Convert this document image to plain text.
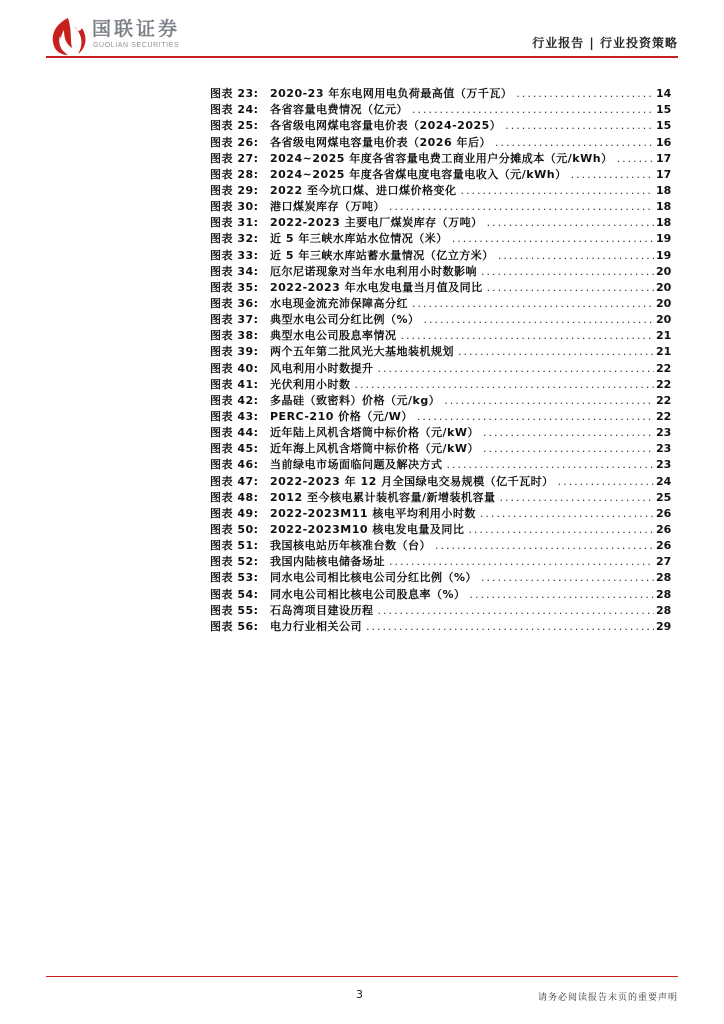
国联证券
GUOLIAN SECURITIES	行业报告 | 行业投资策略
图表 23:	2020-23 年东电网用电负荷最高值（万千瓦） .....	14
图表 24:	各省容量电费情况（亿元） .....	15
图表 25:	各省级电网煤电容量电价表（2024-2025） .....	15
图表 26:	各省级电网煤电容量电价表（2026 年后） .....	16
图表 27:	2024~2025 年度各省容量电费工商业用户分摊成本（元/kWh） .....	17
图表 28:	2024~2025 年度各省煤电度电容量电收入（元/kWh） .....	17
图表 29:	2022 至今坑口煤、进口煤价格变化 .....	18
图表 30:	港口煤炭库存（万吨） .....	18
图表 31:	2022-2023 主要电厂煤炭库存（万吨） .....	18
图表 32:	近 5 年三峡水库站水位情况（米） .....	19
图表 33:	近 5 年三峡水库站蓄水量情况（亿立方米） .....	19
图表 34:	厄尔尼诺现象对当年水电利用小时数影响 .....	20
图表 35:	2022-2023 年水电发电量当月值及同比 .....	20
图表 36:	水电现金流充沛保障高分红 .....	20
图表 37:	典型水电公司分红比例（%） .....	20
图表 38:	典型水电公司股息率情况 .....	21
图表 39:	两个五年第二批风光大基地装机规划 .....	21
图表 40:	风电利用小时数提升 .....	22
图表 41:	光伏利用小时数 .....	22
图表 42:	多晶硅（致密料）价格（元/kg） .....	22
图表 43:	PERC-210 价格（元/W） .....	22
图表 44:	近年陆上风机含塔筒中标价格（元/kW） .....	23
图表 45:	近年海上风机含塔筒中标价格（元/kW） .....	23
图表 46:	当前绿电市场面临问题及解决方式 .....	23
图表 47:	2022-2023 年 12 月全国绿电交易规模（亿千瓦时） .....	24
图表 48:	2012 至今核电累计装机容量/新增装机容量 .....	25
图表 49:	2022-2023M11 核电平均利用小时数 .....	26
图表 50:	2022-2023M10 核电发电量及同比 .....	26
图表 51:	我国核电站历年核准台数（台） .....	26
图表 52:	我国内陆核电储备场址 .....	27
图表 53:	同水电公司相比核电公司分红比例（%） .....	28
图表 54:	同水电公司相比核电公司股息率（%） .....	28
图表 55:	石岛湾项目建设历程 .....	28
图表 56:	电力行业相关公司 .....	29
3	请务必阅读报告末页的重要声明
